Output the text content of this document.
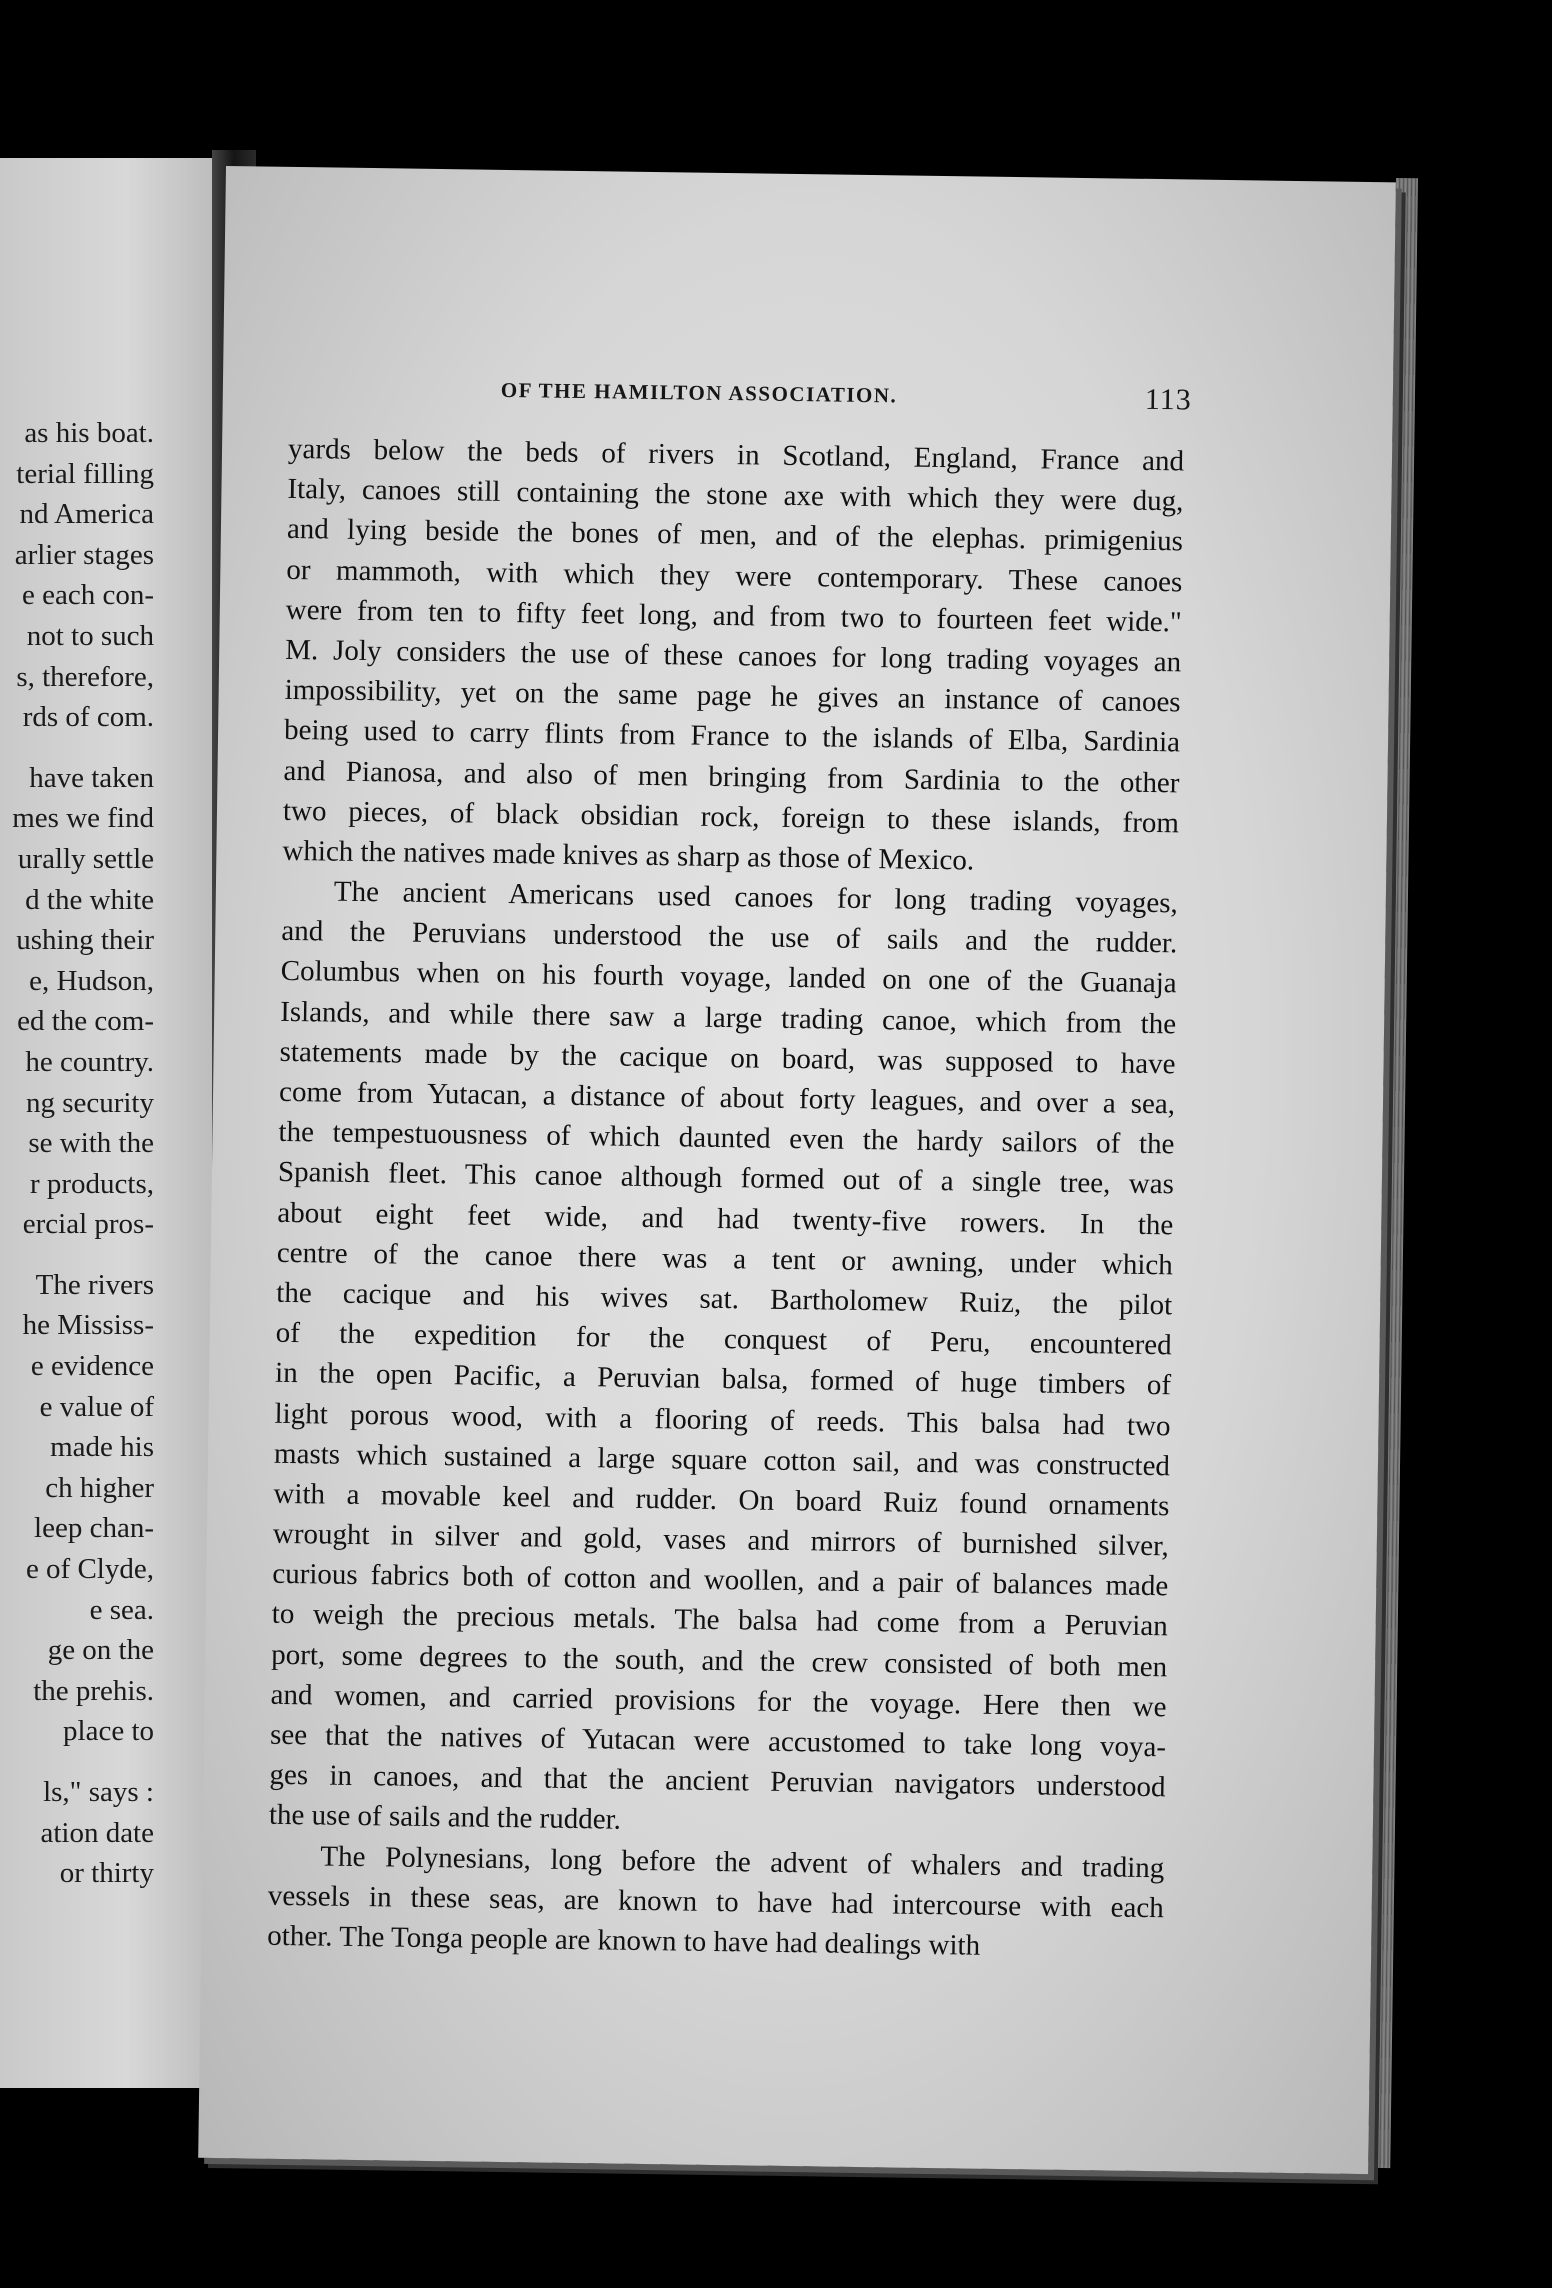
as his boat.
terial filling
nd America
arlier stages
e each con-
not to such
s, therefore,
rds of com.
have taken
mes we find
urally settle
d the white
ushing their
e, Hudson,
ed the com-
he country.
ng security
se with the
r products,
ercial pros-
The rivers
he Mississ-
e evidence
e value of
made his
ch higher
leep chan-
e of Clyde,
e sea.
ge on the
the prehis.
place to
ls," says :
ation date
or thirty
OF THE HAMILTON ASSOCIATION.	113
yards below the beds of rivers in Scotland, England, France and
Italy, canoes still containing the stone axe with which they were dug,
and lying beside the bones of men, and of the elephas. primigenius
or mammoth, with which they were contemporary. These canoes
were from ten to fifty feet long, and from two to fourteen feet wide."
M. Joly considers the use of these canoes for long trading voyages an
impossibility, yet on the same page he gives an instance of canoes
being used to carry flints from France to the islands of Elba, Sardinia
and Pianosa, and also of men bringing from Sardinia to the other
two pieces, of black obsidian rock, foreign to these islands, from
which the natives made knives as sharp as those of Mexico.
The ancient Americans used canoes for long trading voyages,
and the Peruvians understood the use of sails and the rudder.
Columbus when on his fourth voyage, landed on one of the Guanaja
Islands, and while there saw a large trading canoe, which from the
statements made by the cacique on board, was supposed to have
come from Yutacan, a distance of about forty leagues, and over a sea,
the tempestuousness of which daunted even the hardy sailors of the
Spanish fleet. This canoe although formed out of a single tree, was
about eight feet wide, and had twenty-five rowers. In the
centre of the canoe there was a tent or awning, under which
the cacique and his wives sat. Bartholomew Ruiz, the pilot
of the expedition for the conquest of Peru, encountered
in the open Pacific, a Peruvian balsa, formed of huge timbers of
light porous wood, with a flooring of reeds. This balsa had two
masts which sustained a large square cotton sail, and was constructed
with a movable keel and rudder. On board Ruiz found ornaments
wrought in silver and gold, vases and mirrors of burnished silver,
curious fabrics both of cotton and woollen, and a pair of balances made
to weigh the precious metals. The balsa had come from a Peruvian
port, some degrees to the south, and the crew consisted of both men
and women, and carried provisions for the voyage. Here then we
see that the natives of Yutacan were accustomed to take long voya-
ges in canoes, and that the ancient Peruvian navigators understood
the use of sails and the rudder.
The Polynesians, long before the advent of whalers and trading
vessels in these seas, are known to have had intercourse with each
other. The Tonga people are known to have had dealings with
